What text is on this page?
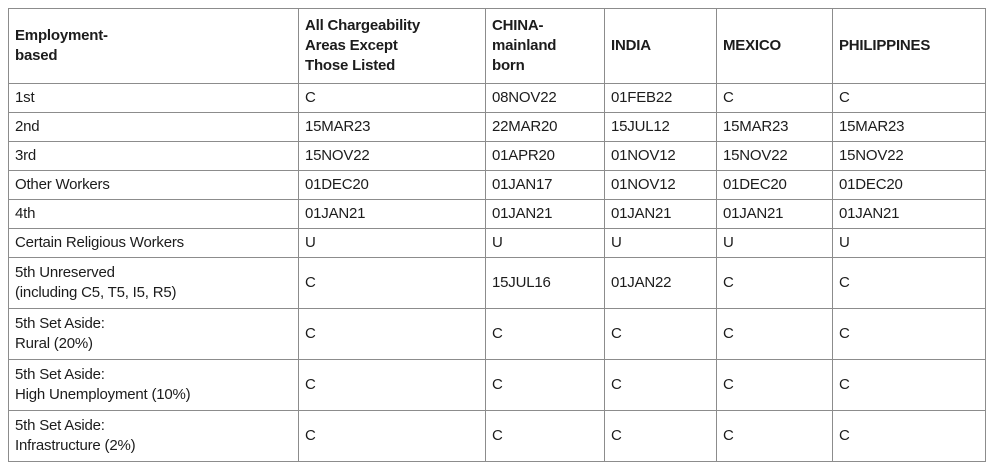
Employment-
based	All Chargeability
Areas Except
Those Listed	CHINA-
mainland
born	INDIA	MEXICO	PHILIPPINES
1st	C	08NOV22	01FEB22	C	C
2nd	15MAR23	22MAR20	15JUL12	15MAR23	15MAR23
3rd	15NOV22	01APR20	01NOV12	15NOV22	15NOV22
Other Workers	01DEC20	01JAN17	01NOV12	01DEC20	01DEC20
4th	01JAN21	01JAN21	01JAN21	01JAN21	01JAN21
Certain Religious Workers	U	U	U	U	U
5th Unreserved
(including C5, T5, I5, R5)	C	15JUL16	01JAN22	C	C
5th Set Aside:
Rural (20%)	C	C	C	C	C
5th Set Aside:
High Unemployment (10%)	C	C	C	C	C
5th Set Aside:
Infrastructure (2%)	C	C	C	C	C
